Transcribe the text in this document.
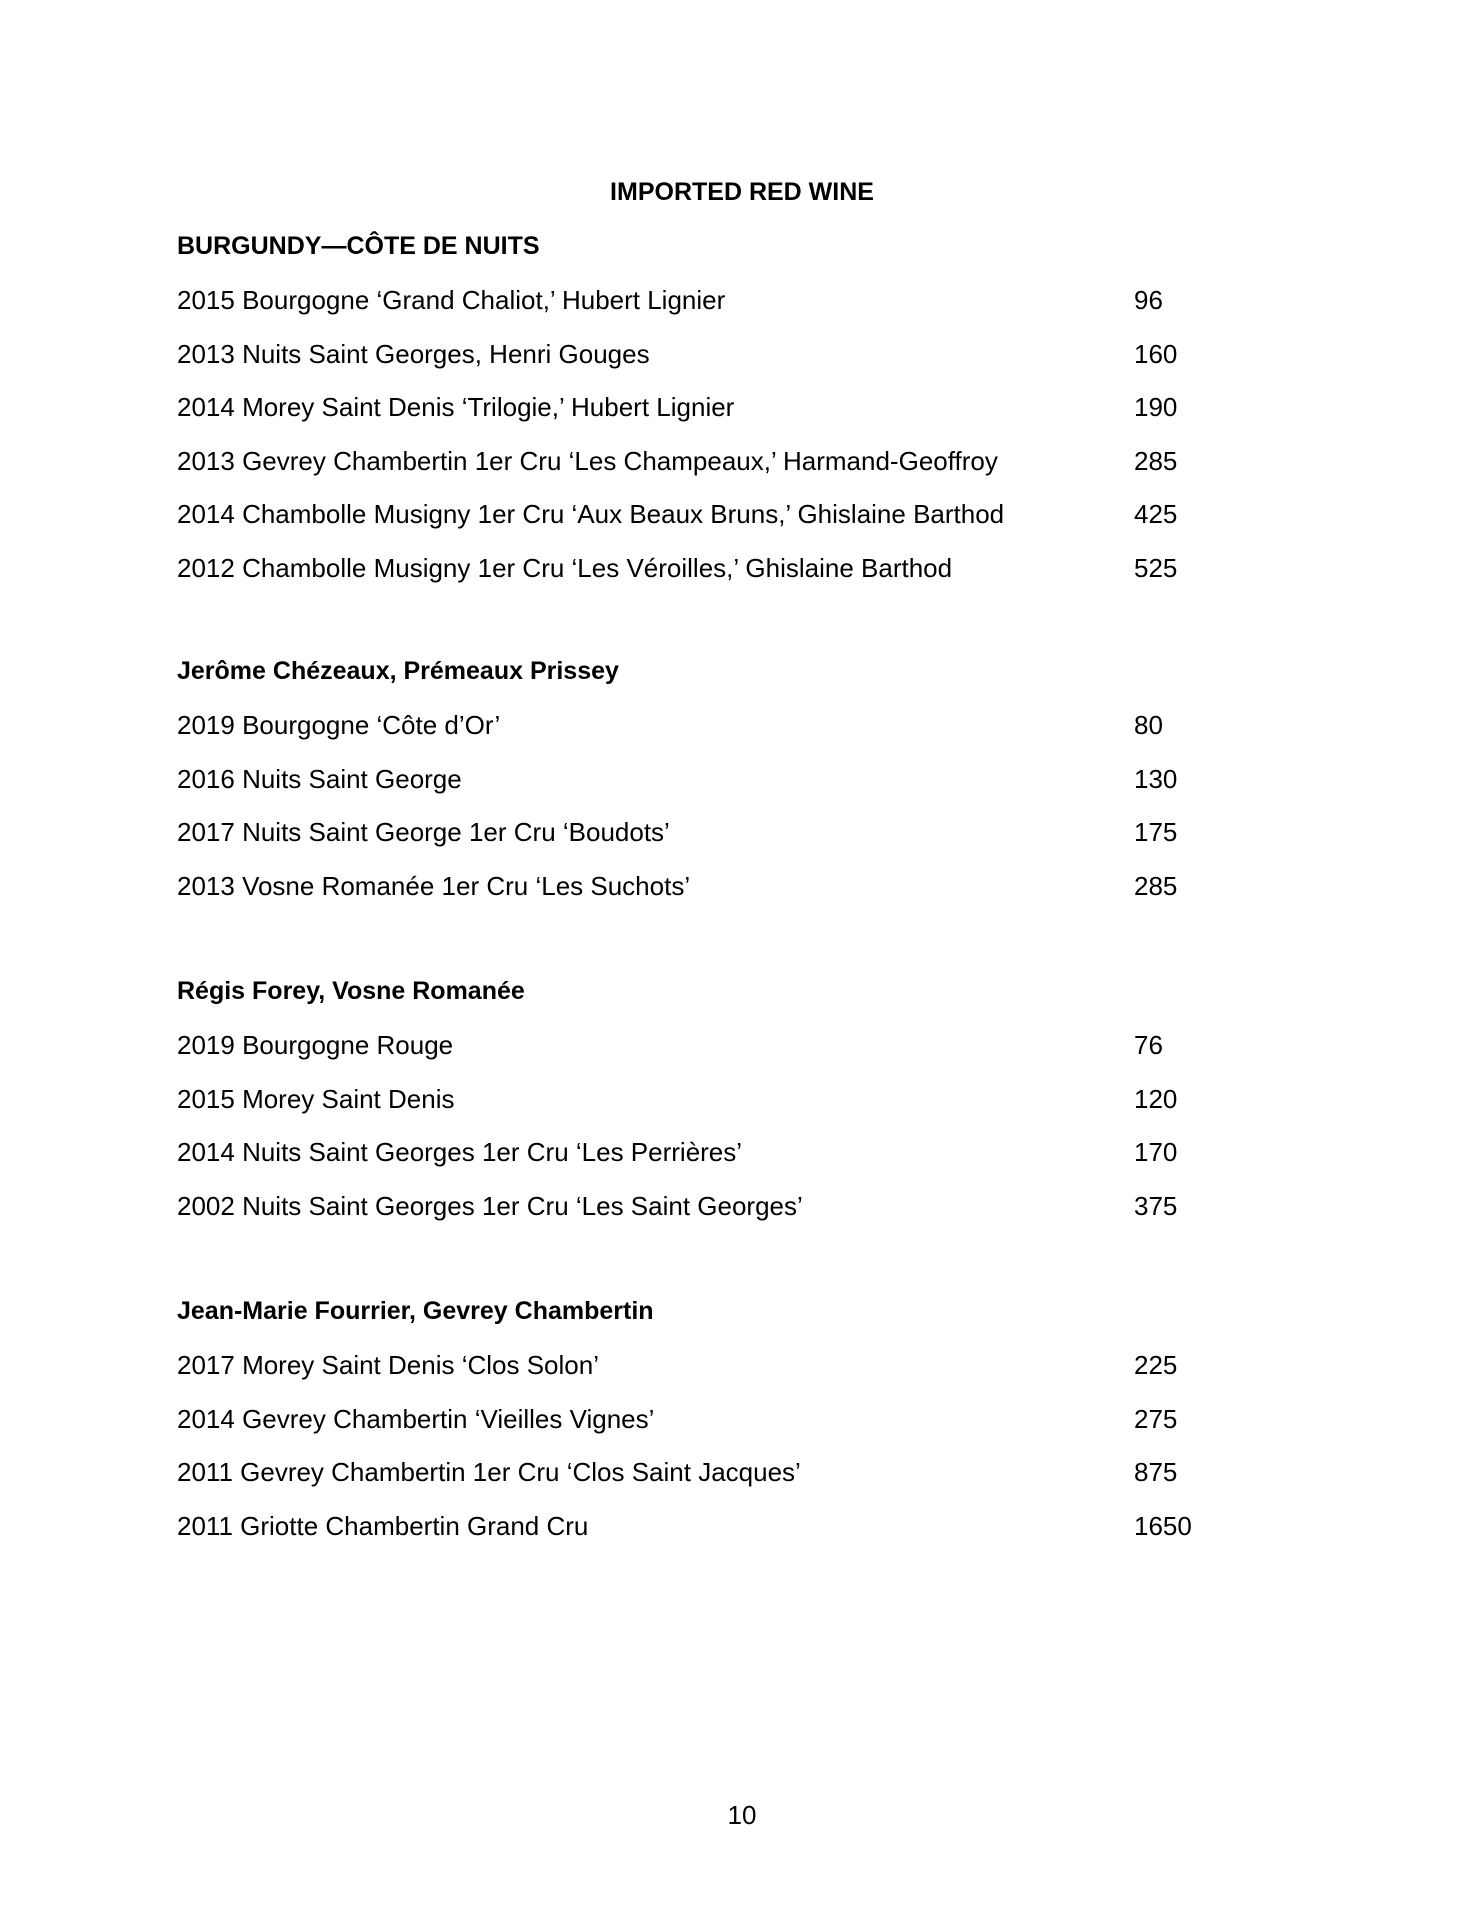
IMPORTED RED WINE
BURGUNDY—CÔTE DE NUITS
2015 Bourgogne ‘Grand Chaliot,’ Hubert Lignier	96
2013 Nuits Saint Georges, Henri Gouges	160
2014 Morey Saint Denis ‘Trilogie,’ Hubert Lignier	190
2013 Gevrey Chambertin 1er Cru ‘Les Champeaux,’ Harmand-Geoffroy	285
2014 Chambolle Musigny 1er Cru ‘Aux Beaux Bruns,’ Ghislaine Barthod	425
2012 Chambolle Musigny 1er Cru ‘Les Véroilles,’ Ghislaine Barthod	525
Jerôme Chézeaux, Prémeaux Prissey
2019 Bourgogne ‘Côte d’Or’	80
2016 Nuits Saint George	130
2017 Nuits Saint George 1er Cru ‘Boudots’	175
2013 Vosne Romanée 1er Cru ‘Les Suchots’	285
Régis Forey, Vosne Romanée
2019 Bourgogne Rouge	76
2015 Morey Saint Denis	120
2014 Nuits Saint Georges 1er Cru ‘Les Perrières’	170
2002 Nuits Saint Georges 1er Cru ‘Les Saint Georges’	375
Jean-Marie Fourrier, Gevrey Chambertin
2017 Morey Saint Denis ‘Clos Solon’	225
2014 Gevrey Chambertin ‘Vieilles Vignes’	275
2011 Gevrey Chambertin 1er Cru ‘Clos Saint Jacques’	875
2011 Griotte Chambertin Grand Cru	1650
10
